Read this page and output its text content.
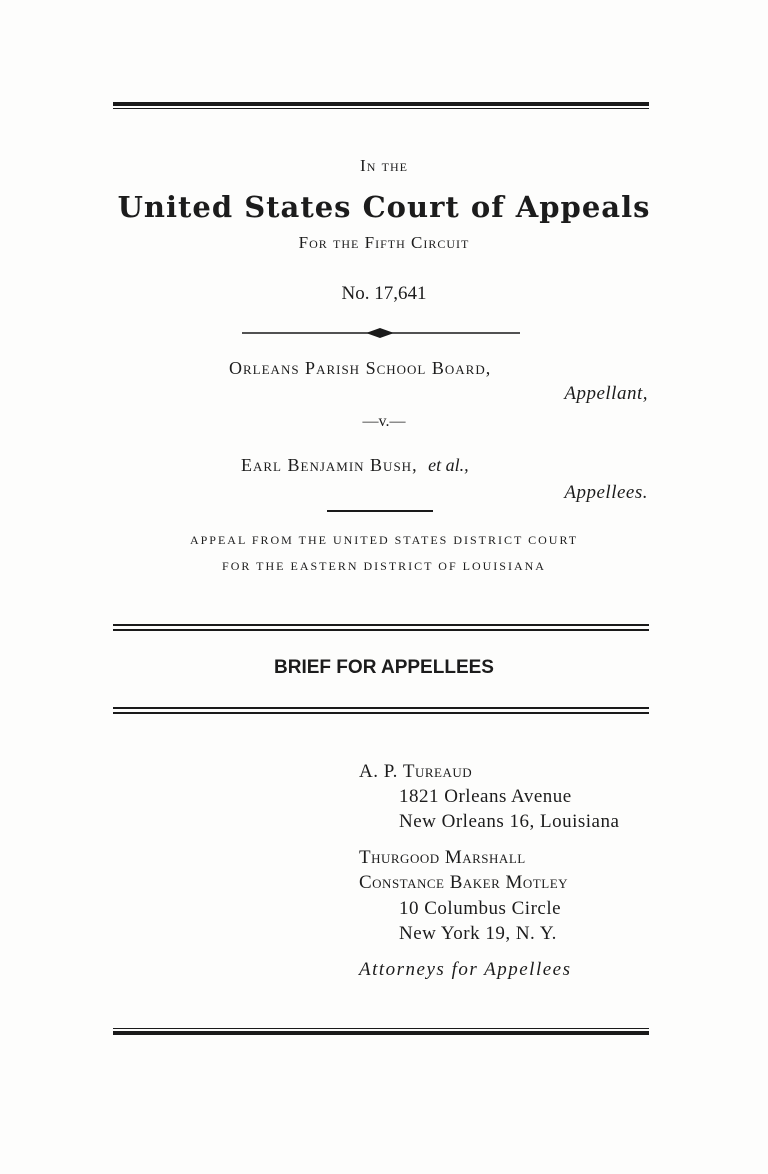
In the
United States Court of Appeals
For the Fifth Circuit
No. 17,641
Orleans Parish School Board,
Appellant,
—v.—
Earl Benjamin Bush, et al.,
Appellees.
APPEAL FROM THE UNITED STATES DISTRICT COURT
FOR THE EASTERN DISTRICT OF LOUISIANA
BRIEF FOR APPELLEES
A. P. Tureaud
1821 Orleans Avenue
New Orleans 16, Louisiana
Thurgood Marshall
Constance Baker Motley
10 Columbus Circle
New York 19, N. Y.
Attorneys for Appellees
